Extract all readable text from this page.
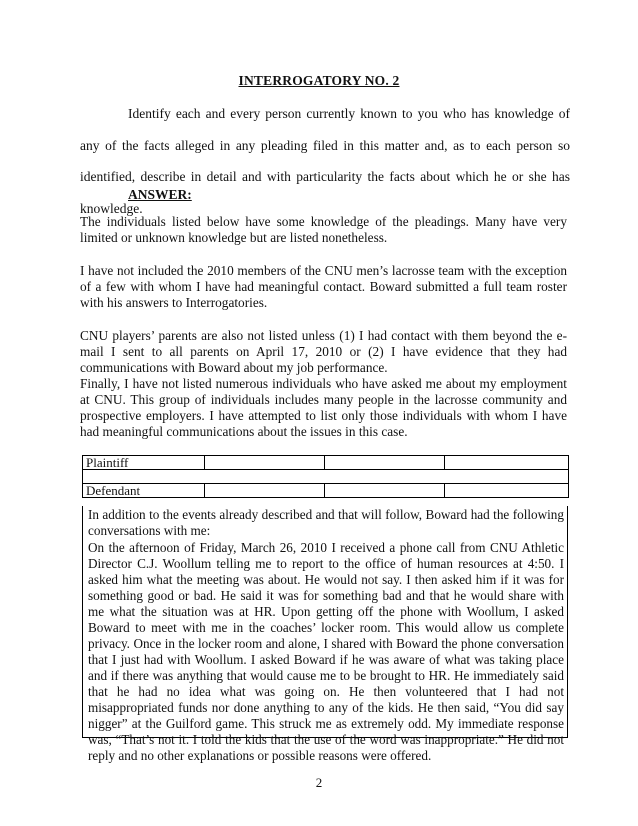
INTERROGATORY NO. 2
Identify each and every person currently known to you who has knowledge of any of the facts alleged in any pleading filed in this matter and, as to each person so identified, describe in detail and with particularity the facts about which he or she has knowledge.
ANSWER:
The individuals listed below have some knowledge of the pleadings. Many have very limited or unknown knowledge but are listed nonetheless.
I have not included the 2010 members of the CNU men’s lacrosse team with the exception of a few with whom I have had meaningful contact. Boward submitted a full team roster with his answers to Interrogatories.
CNU players’ parents are also not listed unless (1) I had contact with them beyond the e-mail I sent to all parents on April 17, 2010 or (2) I have evidence that they had communications with Boward about my job performance.
Finally, I have not listed numerous individuals who have asked me about my employment at CNU. This group of individuals includes many people in the lacrosse community and prospective employers. I have attempted to list only those individuals with whom I have had meaningful communications about the issues in this case.
Plaintiff			

Defendant			
In addition to the events already described and that will follow, Boward had the following conversations with me:
On the afternoon of Friday, March 26, 2010 I received a phone call from CNU Athletic Director C.J. Woollum telling me to report to the office of human resources at 4:50. I asked him what the meeting was about. He would not say. I then asked him if it was for something good or bad. He said it was for something bad and that he would share with me what the situation was at HR. Upon getting off the phone with Woollum, I asked Boward to meet with me in the coaches’ locker room. This would allow us complete privacy. Once in the locker room and alone, I shared with Boward the phone conversation that I just had with Woollum. I asked Boward if he was aware of what was taking place and if there was anything that would cause me to be brought to HR. He immediately said that he had no idea what was going on. He then volunteered that I had not misappropriated funds nor done anything to any of the kids. He then said, “You did say nigger” at the Guilford game. This struck me as extremely odd. My immediate response was, “That’s not it. I told the kids that the use of the word was inappropriate.” He did not reply and no other explanations or possible reasons were offered.
2
